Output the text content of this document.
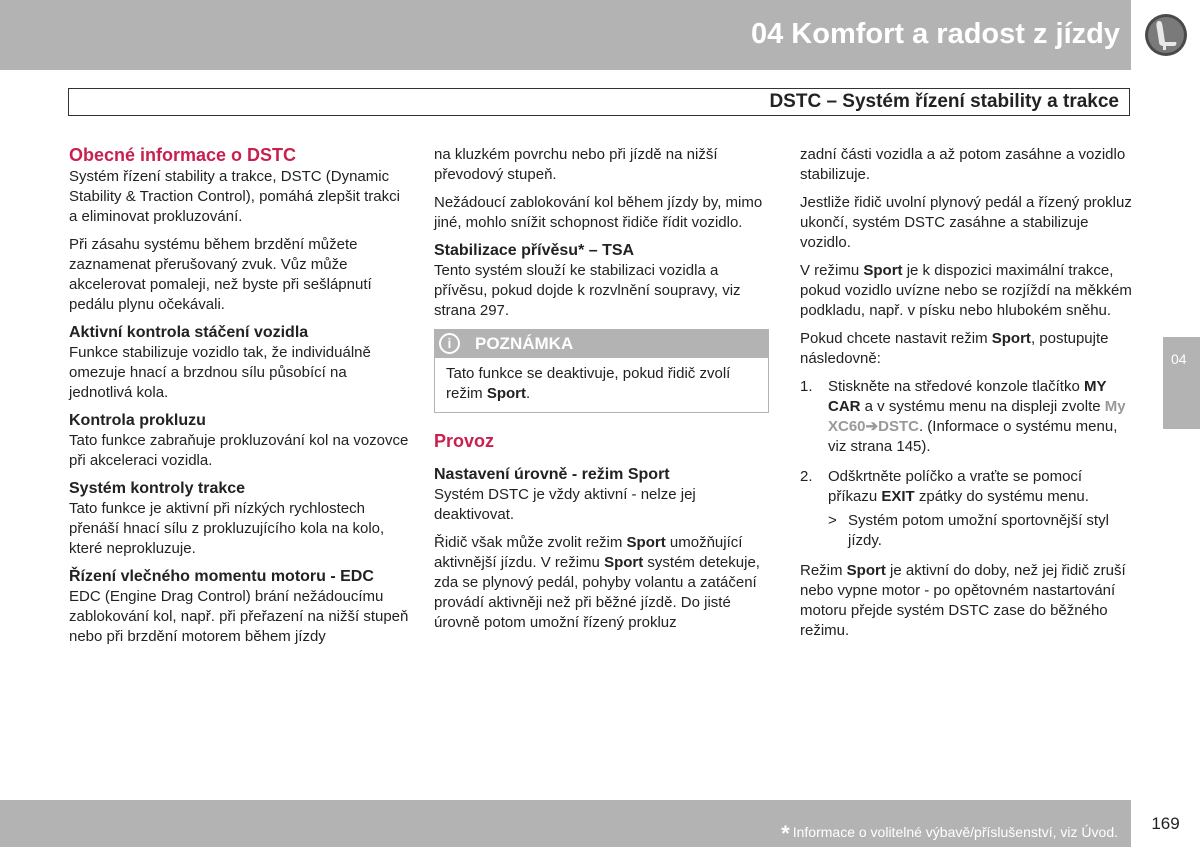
04 Komfort a radost z jízdy
DSTC – Systém řízení stability a trakce
Obecné informace o DSTC

Systém řízení stability a trakce, DSTC (Dynamic Stability & Traction Control), pomáhá zlepšit trakci a eliminovat prokluzování.

Při zásahu systému během brzdění můžete zaznamenat přerušovaný zvuk. Vůz může akcelerovat pomaleji, než byste při sešlápnutí pedálu plynu očekávali.

Aktivní kontrola stáčení vozidla

Funkce stabilizuje vozidlo tak, že individuálně omezuje hnací a brzdnou sílu působící na jednotlivá kola.

Kontrola prokluzu

Tato funkce zabraňuje prokluzování kol na vozovce při akceleraci vozidla.

Systém kontroly trakce

Tato funkce je aktivní při nízkých rychlostech přenáší hnací sílu z prokluzujícího kola na kolo, které neprokluzuje.

Řízení vlečného momentu motoru - EDC

EDC (Engine Drag Control) brání nežádoucímu zablokování kol, např. při přeřazení na nižší stupeň nebo při brzdění motorem během jízdy

na kluzkém povrchu nebo při jízdě na nižší převodový stupeň.

Nežádoucí zablokování kol během jízdy by, mimo jiné, mohlo snížit schopnost řidiče řídit vozidlo.

Stabilizace přívěsu* – TSA

Tento systém slouží ke stabilizaci vozidla a přívěsu, pokud dojde k rozvlnění soupravy, viz strana 297.

i	POZNÁMKA
Tato funkce se deaktivuje, pokud řidič zvolí režim Sport.
Provoz
Nastavení úrovně - režim Sport

Systém DSTC je vždy aktivní - nelze jej deaktivovat.

Řidič však může zvolit režim Sport umožňující aktivnější jízdu. V režimu Sport systém detekuje, zda se plynový pedál, pohyby volantu a zatáčení provádí aktivněji než při běžné jízdě. Do jisté úrovně potom umožní řízený prokluz

zadní části vozidla a až potom zasáhne a vozidlo stabilizuje.

Jestliže řidič uvolní plynový pedál a řízený prokluz ukončí, systém DSTC zasáhne a stabilizuje vozidlo.

V režimu Sport je k dispozici maximální trakce, pokud vozidlo uvízne nebo se rozjíždí na měkkém podkladu, např. v písku nebo hlubokém sněhu.

Pokud chcete nastavit režim Sport, postupujte následovně:

1. Stiskněte na středové konzole tlačítko MY CAR a v systému menu na displeji zvolte My XC60➔DSTC. (Informace o systému menu, viz strana 145).
2. Odškrtněte políčko a vraťte se pomocí příkazu EXIT zpátky do systému menu.
> Systém potom umožní sportovnější styl jízdy.

Režim Sport je aktivní do doby, než jej řidič zruší nebo vypne motor - po opětovném nastartování motoru přejde systém DSTC zase do běžného režimu.

04
* Informace o volitelné výbavě/příslušenství, viz Úvod.	169
